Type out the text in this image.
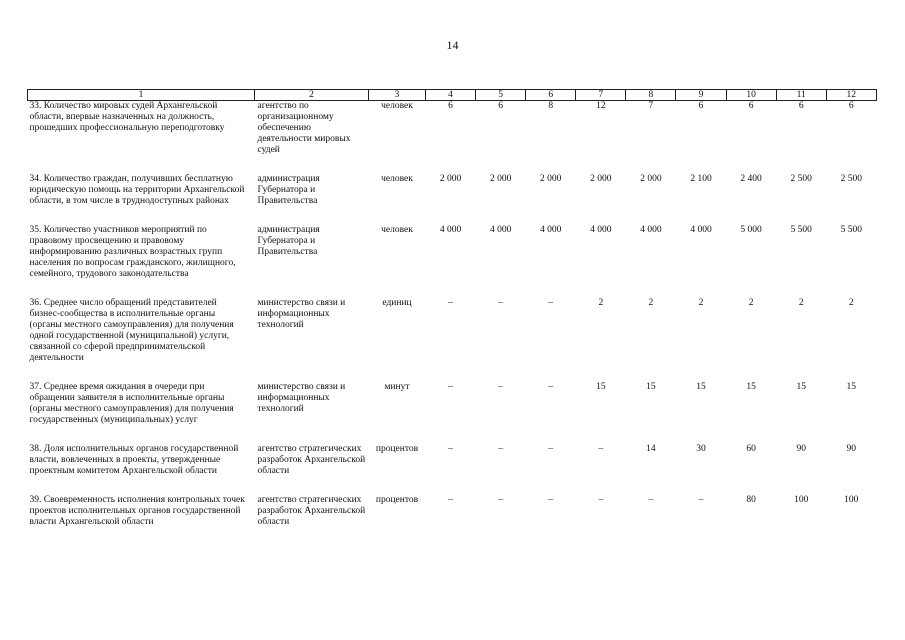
14
1	2	3	4	5	6	7	8	9	10	11	12
33. Количество мировых судей Архангельской области, впервые назначенных на должность, прошедших профессиональную переподготовку	агентство по организационному обеспечению деятельности мировых судей	человек	6	6	8	12	7	6	6	6	6
34. Количество граждан, получивших бесплатную юридическую помощь на территории Архангельской области, в том числе в труднодоступных районах	администрация Губернатора и Правительства	человек	2 000	2 000	2 000	2 000	2 000	2 100	2 400	2 500	2 500
35. Количество участников мероприятий по правовому просвещению и правовому информированию различных возрастных групп населения по вопросам гражданского, жилищного, семейного, трудового законодательства	администрация Губернатора и Правительства	человек	4 000	4 000	4 000	4 000	4 000	4 000	5 000	5 500	5 500
36. Среднее число обращений представителей бизнес-сообщества в исполнительные органы (органы местного самоуправления) для получения одной государственной (муниципальной) услуги, связанной со сферой предпринимательской деятельности	министерство связи и информационных технологий	единиц	–	–	–	2	2	2	2	2	2
37. Среднее время ожидания в очереди при обращении заявителя в исполнительные органы (органы местного самоуправления) для получения государственных (муниципальных) услуг	министерство связи и информационных технологий	минут	–	–	–	15	15	15	15	15	15
38. Доля исполнительных органов государственной власти, вовлеченных в проекты, утвержденные проектным комитетом Архангельской области	агентство стратегических разработок Архангельской области	процентов	–	–	–	–	14	30	60	90	90
39. Своевременность исполнения контрольных точек проектов исполнительных органов государственной власти Архангельской области	агентство стратегических разработок Архангельской области	процентов	–	–	–	–	–	–	80	100	100
